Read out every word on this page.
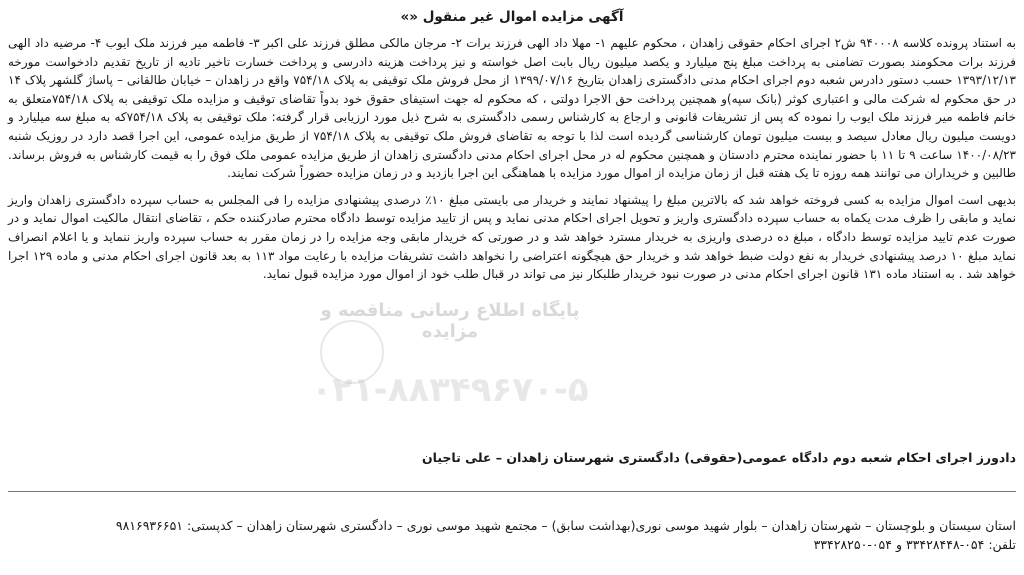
آگهی مزایده اموال غیر منقول «»

به استناد پرونده کلاسه ۹۴۰۰۰۸ ش۲ اجرای احکام حقوقی زاهدان ، محکوم علیهم ۱- مهلا داد الهی فرزند برات ۲- مرجان مالکی مطلق فرزند علی اکبر ۳- فاطمه میر فرزند ملک ایوب ۴- مرضیه داد الهی فرزند برات محکومند بصورت تضامنی به پرداخت مبلغ پنج میلیارد و یکصد میلیون ریال بابت اصل خواسته و نیز پرداخت هزینه دادرسی و پرداخت خسارت تاخیر تادیه از تاریخ تقدیم دادخواست مورخه ۱۳۹۳/۱۲/۱۳ حسب دستور دادرس شعبه دوم اجرای احکام مدنی دادگستری زاهدان بتاریخ ۱۳۹۹/۰۷/۱۶ از محل فروش ملک توقیفی به پلاک ۷۵۴/۱۸ واقع در زاهدان – خیابان طالقانی – پاساژ گلشهر پلاک ۱۴ در حق محکوم له شرکت مالی و اعتباری کوثر (بانک سپه)و همچنین پرداخت حق الاجرا دولتی ، که محکوم له جهت استیفای حقوق خود بدواً تقاضای توقیف و مزایده ملک توقیفی به پلاک ۷۵۴/۱۸متعلق به خانم فاطمه میر فرزند ملک ایوب را نموده که پس از تشریفات قانونی و ارجاع به کارشناس رسمی دادگستری به شرح ذیل مورد ارزیابی قرار گرفته: ملک توقیفی به پلاک ۷۵۴/۱۸که به مبلغ سه میلیارد و دویست میلیون ریال معادل سیصد و بیست میلیون تومان کارشناسی گردیده است لذا با توجه به تقاضای فروش ملک توقیفی به پلاک ۷۵۴/۱۸ از طریق مزایده عمومی، این اجرا قصد دارد در روزیک شنبه ۱۴۰۰/۰۸/۲۳ ساعت ۹ تا ۱۱ با حضور نماینده محترم دادستان و همچنین محکوم له در محل اجرای احکام مدنی دادگستری زاهدان از طریق مزایده عمومی ملک فوق را به قیمت کارشناس به فروش برساند. طالبین و خریداران می توانند همه روزه تا یک هفته قبل از زمان مزایده از اموال مورد مزایده با هماهنگی این اجرا بازدید و در زمان مزایده حضوراً شرکت نمایند.

بدیهی است اموال مزایده به کسی فروخته خواهد شد که بالاترین مبلغ را پیشنهاد نمایند و خریدار می بایستی مبلغ ۱۰٪ درصدی پیشنهادی مزایده را فی المجلس به حساب سپرده دادگستری زاهدان واریز نماید و مابقی را ظرف مدت یکماه به حساب سپرده دادگستری واریز و تحویل اجرای احکام مدنی نماید و پس از تایید مزایده توسط دادگاه محترم صادرکننده حکم ، تقاضای انتقال مالکیت اموال نماید و در صورت عدم تایید مزایده توسط دادگاه ، مبلغ ده درصدی واریزی به خریدار مسترد خواهد شد و در صورتی که خریدار مابقی وجه مزایده را در زمان مقرر به حساب سپرده واریز ننماید و یا اعلام انصراف نماید مبلغ ۱۰ درصد پیشنهادی خریدار به نفع دولت ضبط خواهد شد و خریدار حق هیچگونه اعتراضی را نخواهد داشت تشریفات مزایده با رعایت مواد ۱۱۳ به بعد قانون اجرای احکام مدنی و ماده ۱۲۹ اجرا خواهد شد . به استناد ماده ۱۳۱ قانون اجرای احکام مدنی در صورت نبود خریدار طلبکار نیز می تواند در قبال طلب خود از اموال مورد مزایده قبول نماید.

پایگاه اطلاع رسانی مناقصه و مزایده
۰۲۱-۸۸۳۴۹۶۷۰-۵
دادورز اجرای احکام شعبه دوم دادگاه عمومی(حقوقی) دادگستری شهرستان زاهدان – علی تاجیان
استان سیستان و بلوچستان – شهرستان زاهدان – بلوار شهید موسی نوری(بهداشت سابق) – مجتمع شهید موسی نوری – دادگستری شهرستان زاهدان – کدپستی: ۹۸۱۶۹۳۶۶۵۱
تلفن: ۰۵۴-۳۳۴۲۸۴۴۸ و ۰۵۴-۳۳۴۲۸۲۵۰
